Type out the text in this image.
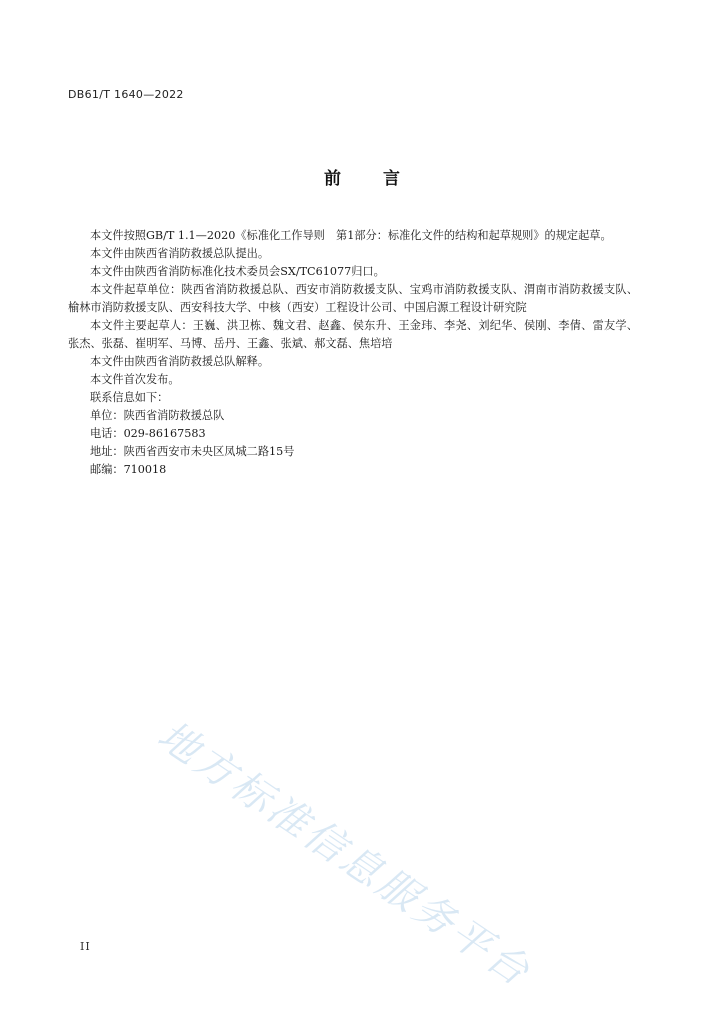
DB61/T 1640—2022
前 言

本文件按照GB/T 1.1—2020《标准化工作导则　第1部分：标准化文件的结构和起草规则》的规定起草。

本文件由陕西省消防救援总队提出。

本文件由陕西省消防标准化技术委员会SX/TC61077归口。

本文件起草单位：陕西省消防救援总队、西安市消防救援支队、宝鸡市消防救援支队、渭南市消防救援支队、榆林市消防救援支队、西安科技大学、中核（西安）工程设计公司、中国启源工程设计研究院

本文件主要起草人：王巍、洪卫栋、魏文君、赵鑫、侯东升、王金玮、李尧、刘纪华、侯刚、李倩、雷友学、张杰、张磊、崔明军、马博、岳丹、王鑫、张斌、郝文磊、焦培培

本文件由陕西省消防救援总队解释。

本文件首次发布。

联系信息如下：

单位：陕西省消防救援总队

电话：029-86167583

地址：陕西省西安市未央区凤城二路15号

邮编：710018

地方标准信息服务平台
II
